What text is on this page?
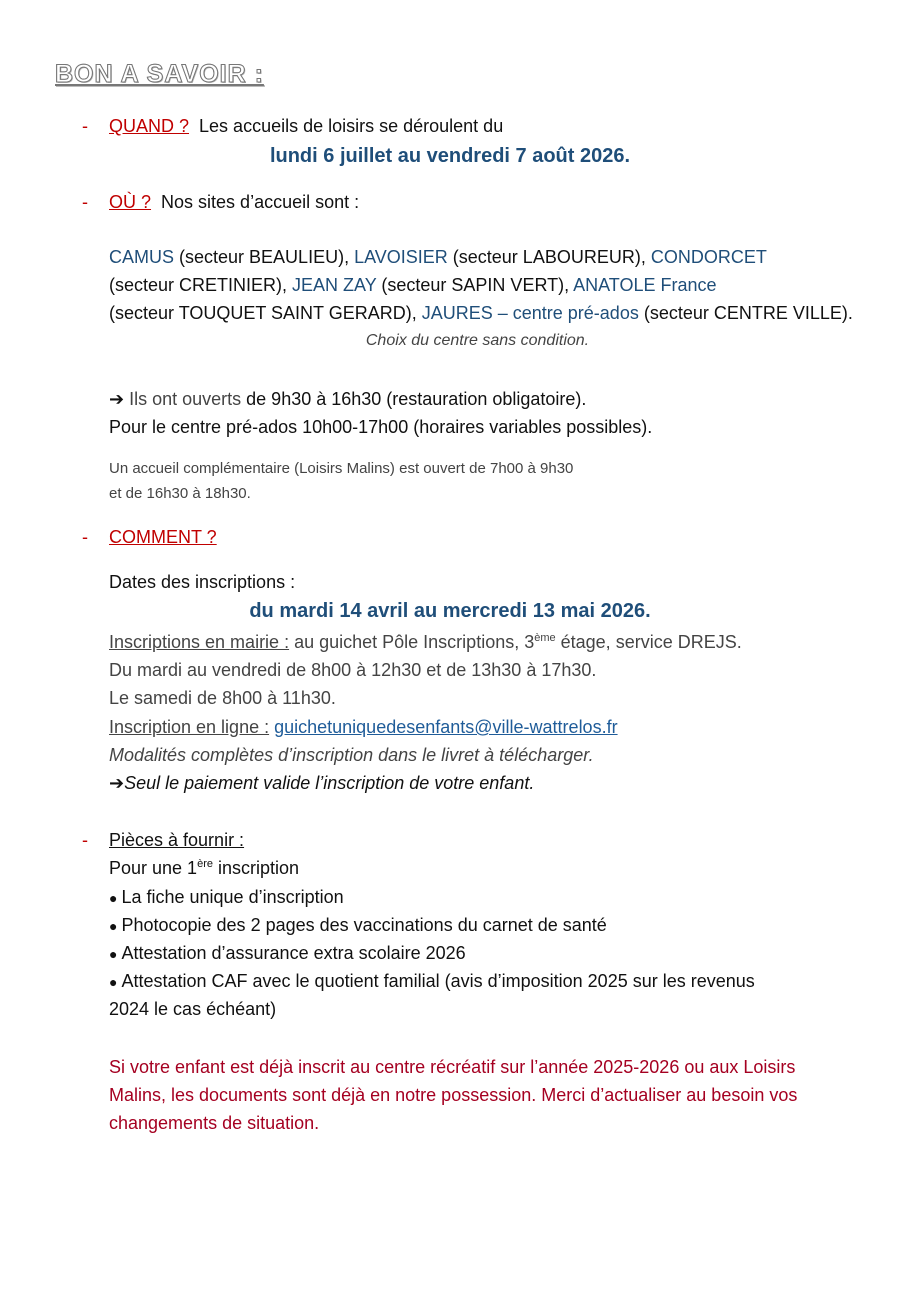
BON A SAVOIR :
- QUAND ? Les accueils de loisirs se déroulent du
lundi 6 juillet au vendredi 7 août 2026.
- OÙ ? Nos sites d’accueil sont :
CAMUS (secteur BEAULIEU), LAVOISIER (secteur LABOUREUR), CONDORCET
(secteur CRETINIER), JEAN ZAY (secteur SAPIN VERT), ANATOLE France
(secteur TOUQUET SAINT GERARD), JAURES – centre pré-ados (secteur CENTRE VILLE).
Choix du centre sans condition.
➔ Ils ont ouverts de 9h30 à 16h30 (restauration obligatoire).
Pour le centre pré-ados 10h00-17h00 (horaires variables possibles).
Un accueil complémentaire (Loisirs Malins) est ouvert de 7h00 à 9h30
et de 16h30 à 18h30.
- COMMENT ?
Dates des inscriptions :
du mardi 14 avril au mercredi 13 mai 2026.
Inscriptions en mairie : au guichet Pôle Inscriptions, 3ème étage, service DREJS.
Du mardi au vendredi de 8h00 à 12h30 et de 13h30 à 17h30.
Le samedi de 8h00 à 11h30.
Inscription en ligne : guichetuniquedesenfants@ville-wattrelos.fr
Modalités complètes d’inscription dans le livret à télécharger.
➔Seul le paiement valide l’inscription de votre enfant.
- Pièces à fournir :
Pour une 1ère inscription
● La fiche unique d’inscription
● Photocopie des 2 pages des vaccinations du carnet de santé
● Attestation d’assurance extra scolaire 2026
● Attestation CAF avec le quotient familial (avis d’imposition 2025 sur les revenus
2024 le cas échéant)
Si votre enfant est déjà inscrit au centre récréatif sur l’année 2025-2026 ou aux Loisirs
Malins, les documents sont déjà en notre possession. Merci d’actualiser au besoin vos
changements de situation.
